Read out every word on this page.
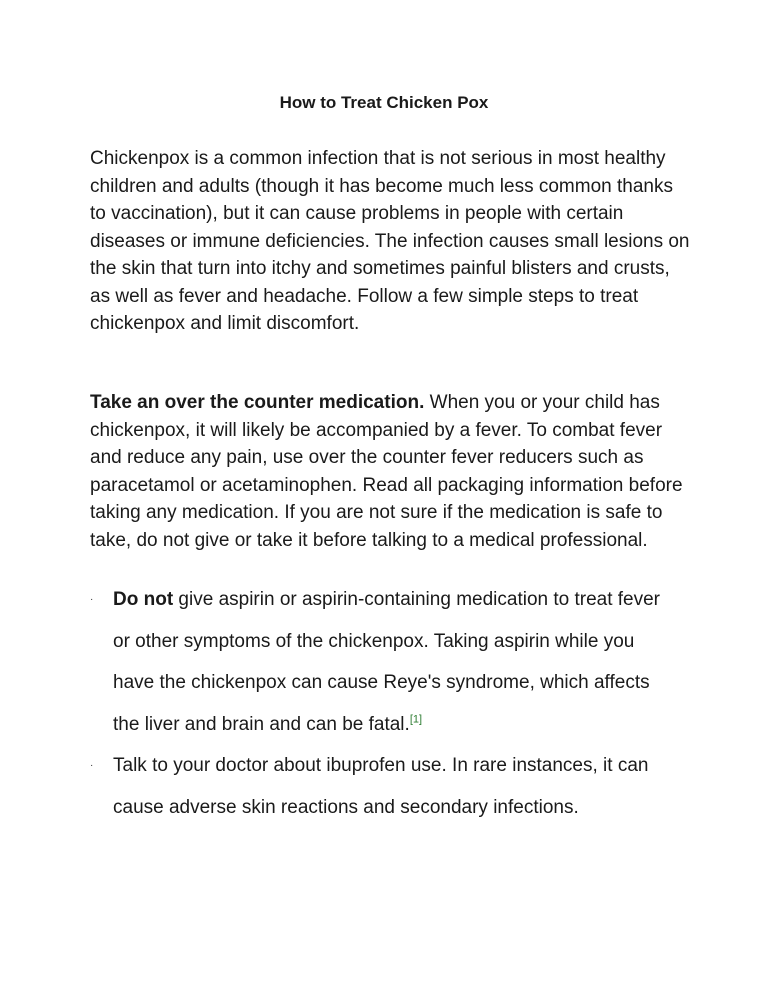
How to Treat Chicken Pox

Chickenpox is a common infection that is not serious in most healthy children and adults (though it has become much less common thanks to vaccination), but it can cause problems in people with certain diseases or immune deficiencies. The infection causes small lesions on the skin that turn into itchy and sometimes painful blisters and crusts, as well as fever and headache. Follow a few simple steps to treat chickenpox and limit discomfort.

Take an over the counter medication. When you or your child has chickenpox, it will likely be accompanied by a fever. To combat fever and reduce any pain, use over the counter fever reducers such as paracetamol or acetaminophen. Read all packaging information before taking any medication. If you are not sure if the medication is safe to take, do not give or take it before talking to a medical professional.

· Do not give aspirin or aspirin-containing medication to treat fever or other symptoms of the chickenpox. Taking aspirin while you have the chickenpox can cause Reye's syndrome, which affects the liver and brain and can be fatal.[1]
· Talk to your doctor about ibuprofen use. In rare instances, it can cause adverse skin reactions and secondary infections.
